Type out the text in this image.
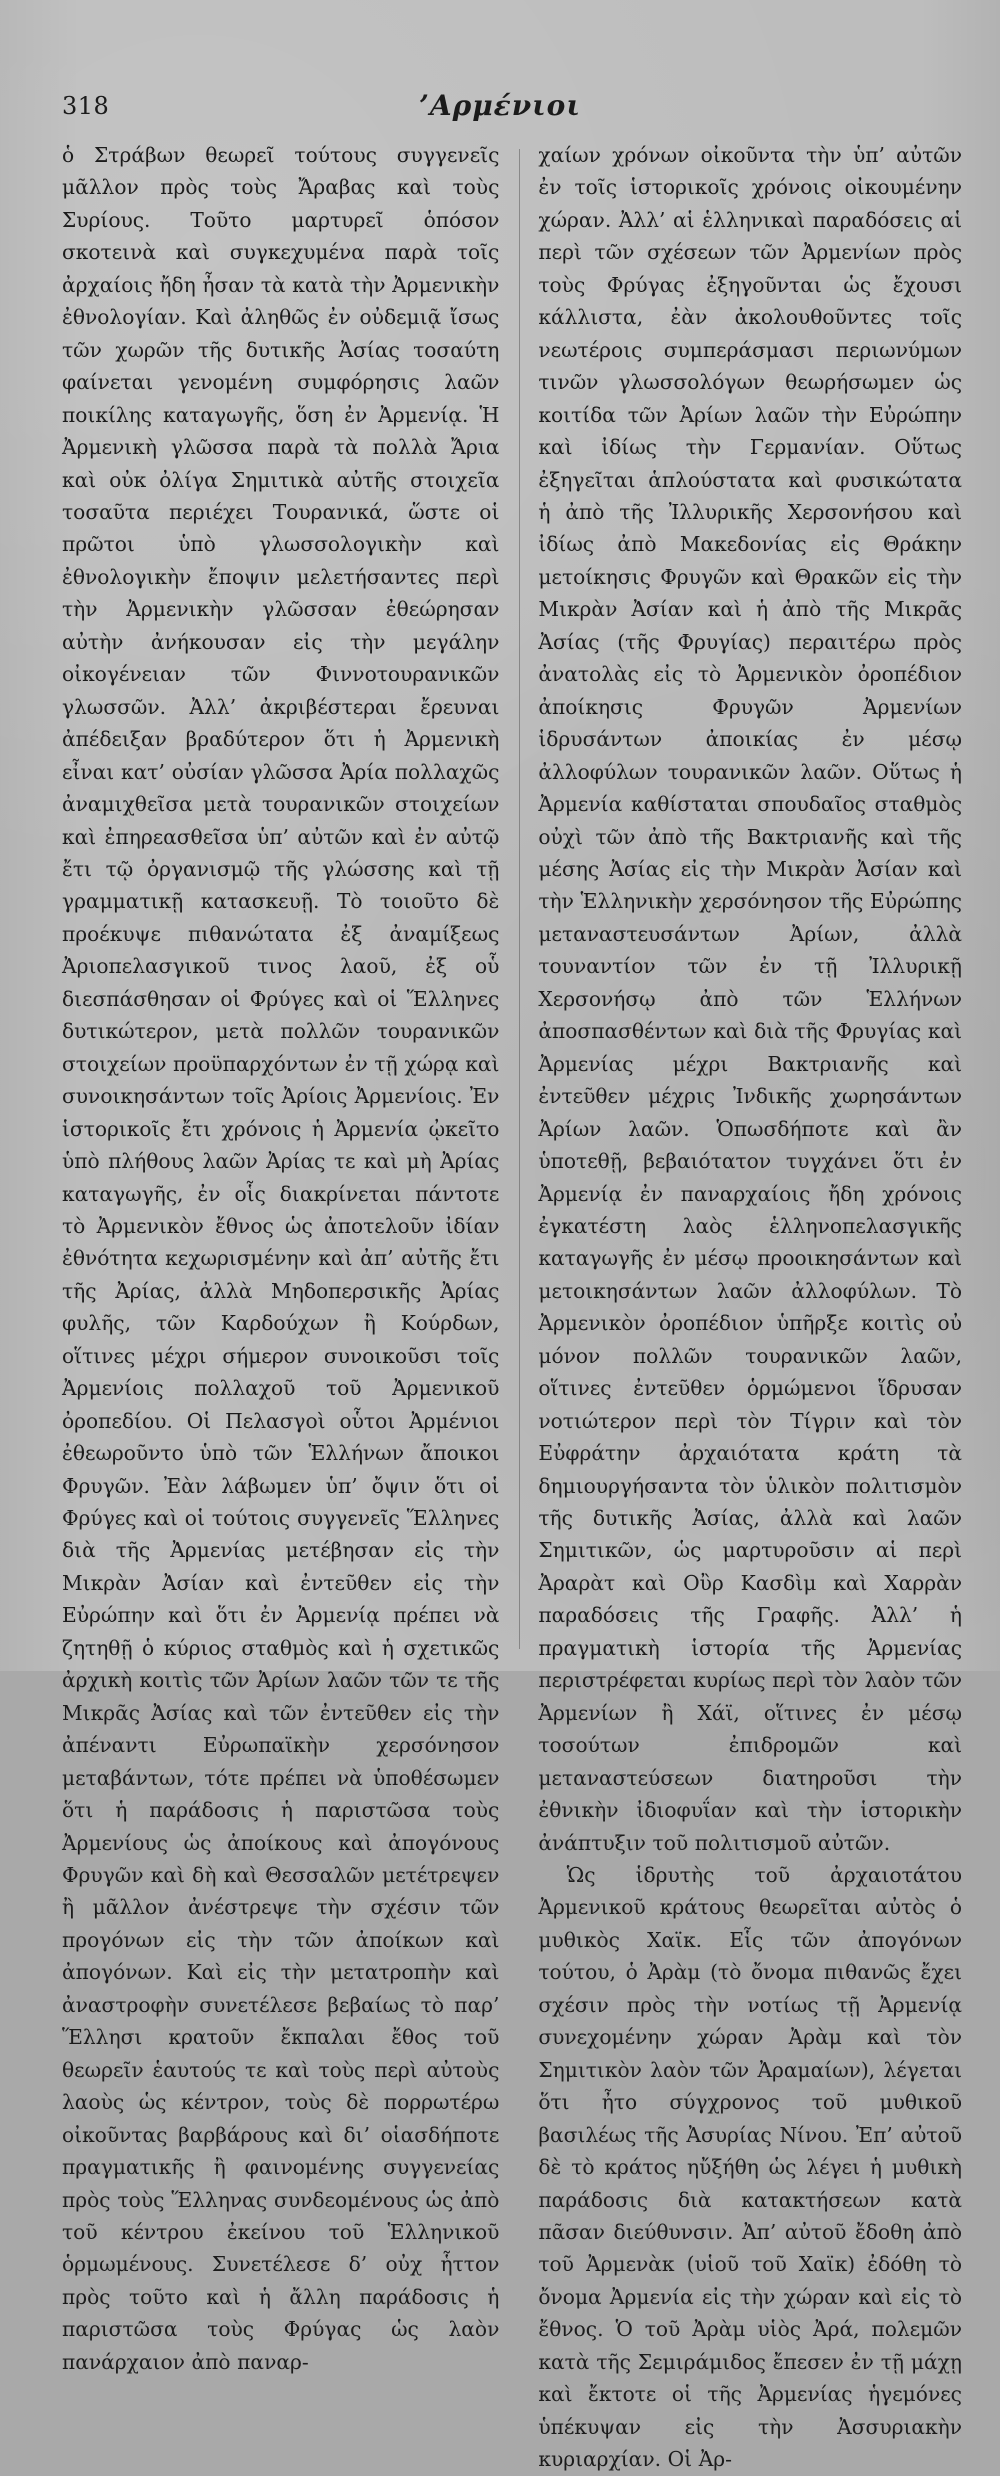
318	’Αρμένιοι
ὁ Στράβων θεωρεῖ τούτους συγγενεῖς μᾶλλον πρὸς τοὺς Ἄραβας καὶ τοὺς Συρίους. Τοῦτο μαρτυρεῖ ὁπόσον σκοτεινὰ καὶ συγκεχυμένα παρὰ τοῖς ἀρχαίοις ἤδη ἦσαν τὰ κατὰ τὴν Ἀρμενικὴν ἐθνολογίαν. Καὶ ἀληθῶς ἐν οὐδεμιᾷ ἴσως τῶν χωρῶν τῆς δυτικῆς Ἀσίας τοσαύτη φαίνεται γενομένη συμφόρησις λαῶν ποικίλης καταγωγῆς, ὅση ἐν Ἀρμενίᾳ. Ἡ Ἀρμενικὴ γλῶσσα παρὰ τὰ πολλὰ Ἄρια καὶ οὐκ ὀλίγα Σημιτικὰ αὐτῆς στοιχεῖα τοσαῦτα περιέχει Τουρανικά, ὥστε οἱ πρῶτοι ὑπὸ γλωσσολογικὴν καὶ ἐθνολογικὴν ἔποψιν μελετήσαντες περὶ τὴν Ἀρμενικὴν γλῶσσαν ἐθεώρησαν αὐτὴν ἀνήκουσαν εἰς τὴν μεγάλην οἰκογένειαν τῶν Φιννοτουρανικῶν γλωσσῶν. Ἀλλ’ ἀκριβέστεραι ἔρευναι ἀπέδειξαν βραδύτερον ὅτι ἡ Ἀρμενικὴ εἶναι κατ’ οὐσίαν γλῶσσα Ἀρία πολλαχῶς ἀναμιχθεῖσα μετὰ τουρανικῶν στοιχείων καὶ ἐπηρεασθεῖσα ὑπ’ αὐτῶν καὶ ἐν αὐτῷ ἔτι τῷ ὀργανισμῷ τῆς γλώσσης καὶ τῇ γραμματικῇ κατασκευῇ. Τὸ τοιοῦτο δὲ προέκυψε πιθανώτατα ἐξ ἀναμίξεως Ἀριοπελασγικοῦ τινος λαοῦ, ἐξ οὗ διεσπάσθησαν οἱ Φρύγες καὶ οἱ Ἕλληνες δυτικώτερον, μετὰ πολλῶν τουρανικῶν στοιχείων προϋπαρχόντων ἐν τῇ χώρᾳ καὶ συνοικησάντων τοῖς Ἀρίοις Ἀρμενίοις. Ἐν ἱστορικοῖς ἔτι χρόνοις ἡ Ἀρμενία ᾠκεῖτο ὑπὸ πλήθους λαῶν Ἀρίας τε καὶ μὴ Ἀρίας καταγωγῆς, ἐν οἷς διακρίνεται πάντοτε τὸ Ἀρμενικὸν ἔθνος ὡς ἀποτελοῦν ἰδίαν ἐθνότητα κεχωρισμένην καὶ ἀπ’ αὐτῆς ἔτι τῆς Ἀρίας, ἀλλὰ Μηδοπερσικῆς Ἀρίας φυλῆς, τῶν Καρδούχων ἢ Κούρδων, οἵτινες μέχρι σήμερον συνοικοῦσι τοῖς Ἀρμενίοις πολλαχοῦ τοῦ Ἀρμενικοῦ ὀροπεδίου. Οἱ Πελασγοὶ οὗτοι Ἀρμένιοι ἐθεωροῦντο ὑπὸ τῶν Ἑλλήνων ἄποικοι Φρυγῶν. Ἐὰν λάβωμεν ὑπ’ ὄψιν ὅτι οἱ Φρύγες καὶ οἱ τούτοις συγγενεῖς Ἕλληνες διὰ τῆς Ἀρμενίας μετέβησαν εἰς τὴν Μικρὰν Ἀσίαν καὶ ἐντεῦθεν εἰς τὴν Εὐρώπην καὶ ὅτι ἐν Ἀρμενίᾳ πρέπει νὰ ζητηθῇ ὁ κύριος σταθμὸς καὶ ἡ σχετικῶς ἀρχικὴ κοιτὶς τῶν Ἀρίων λαῶν τῶν τε τῆς Μικρᾶς Ἀσίας καὶ τῶν ἐντεῦθεν εἰς τὴν ἀπέναντι Εὐρωπαϊκὴν χερσόνησον μεταβάντων, τότε πρέπει νὰ ὑποθέσωμεν ὅτι ἡ παράδοσις ἡ παριστῶσα τοὺς Ἀρμενίους ὡς ἀποίκους καὶ ἀπογόνους Φρυγῶν καὶ δὴ καὶ Θεσσαλῶν μετέτρεψεν ἢ μᾶλλον ἀνέστρεψε τὴν σχέσιν τῶν προγόνων εἰς τὴν τῶν ἀποίκων καὶ ἀπογόνων. Καὶ εἰς τὴν μετατροπὴν καὶ ἀναστροφὴν συνετέλεσε βεβαίως τὸ παρ’ Ἕλλησι κρατοῦν ἔκπαλαι ἔθος τοῦ θεωρεῖν ἑαυτούς τε καὶ τοὺς περὶ αὐτοὺς λαοὺς ὡς κέντρον, τοὺς δὲ πορρωτέρω οἰκοῦντας βαρβάρους καὶ δι’ οἱασδήποτε πραγματικῆς ἢ φαινομένης συγγενείας πρὸς τοὺς Ἕλληνας συνδεομένους ὡς ἀπὸ τοῦ κέντρου ἐκείνου τοῦ Ἑλληνικοῦ ὁρμωμένους. Συνετέλεσε δ’ οὐχ ἧττον πρὸς τοῦτο καὶ ἡ ἄλλη παράδοσις ἡ παριστῶσα τοὺς Φρύγας ὡς λαὸν πανάρχαιον ἀπὸ παναρ-
χαίων χρόνων οἰκοῦντα τὴν ὑπ’ αὐτῶν ἐν τοῖς ἱστορικοῖς χρόνοις οἰκουμένην χώραν. Ἀλλ’ αἱ ἑλληνικαὶ παραδόσεις αἱ περὶ τῶν σχέσεων τῶν Ἀρμενίων πρὸς τοὺς Φρύγας ἐξηγοῦνται ὡς ἔχουσι κάλλιστα, ἐὰν ἀκολουθοῦντες τοῖς νεωτέροις συμπεράσμασι περιωνύμων τινῶν γλωσσολόγων θεωρήσωμεν ὡς κοιτίδα τῶν Ἀρίων λαῶν τὴν Εὐρώπην καὶ ἰδίως τὴν Γερμανίαν. Οὕτως ἐξηγεῖται ἁπλούστατα καὶ φυσικώτατα ἡ ἀπὸ τῆς Ἰλλυρικῆς Χερσονήσου καὶ ἰδίως ἀπὸ Μακεδονίας εἰς Θράκην μετοίκησις Φρυγῶν καὶ Θρακῶν εἰς τὴν Μικρὰν Ἀσίαν καὶ ἡ ἀπὸ τῆς Μικρᾶς Ἀσίας (τῆς Φρυγίας) περαιτέρω πρὸς ἀνατολὰς εἰς τὸ Ἀρμενικὸν ὀροπέδιον ἀποίκησις Φρυγῶν Ἀρμενίων ἱδρυσάντων ἀποικίας ἐν μέσῳ ἀλλοφύλων τουρανικῶν λαῶν. Οὕτως ἡ Ἀρμενία καθίσταται σπουδαῖος σταθμὸς οὐχὶ τῶν ἀπὸ τῆς Βακτριανῆς καὶ τῆς μέσης Ἀσίας εἰς τὴν Μικρὰν Ἀσίαν καὶ τὴν Ἑλληνικὴν χερσόνησον τῆς Εὐρώπης μεταναστευσάντων Ἀρίων, ἀλλὰ τουναντίον τῶν ἐν τῇ Ἰλλυρικῇ Χερσονήσῳ ἀπὸ τῶν Ἑλλήνων ἀποσπασθέντων καὶ διὰ τῆς Φρυγίας καὶ Ἀρμενίας μέχρι Βακτριανῆς καὶ ἐντεῦθεν μέχρις Ἰνδικῆς χωρησάντων Ἀρίων λαῶν. Ὁπωσδήποτε καὶ ἂν ὑποτεθῇ, βεβαιότατον τυγχάνει ὅτι ἐν Ἀρμενίᾳ ἐν παναρχαίοις ἤδη χρόνοις ἐγκατέστη λαὸς ἑλληνοπελασγικῆς καταγωγῆς ἐν μέσῳ προοικησάντων καὶ μετοικησάντων λαῶν ἀλλοφύλων. Τὸ Ἀρμενικὸν ὀροπέδιον ὑπῆρξε κοιτὶς οὐ μόνον πολλῶν τουρανικῶν λαῶν, οἵτινες ἐντεῦθεν ὁρμώμενοι ἵδρυσαν νοτιώτερον περὶ τὸν Τίγριν καὶ τὸν Εὐφράτην ἀρχαιότατα κράτη τὰ δημιουργήσαντα τὸν ὑλικὸν πολιτισμὸν τῆς δυτικῆς Ἀσίας, ἀλλὰ καὶ λαῶν Σημιτικῶν, ὡς μαρτυροῦσιν αἱ περὶ Ἀραρὰτ καὶ Οὒρ Κασδὶμ καὶ Χαρρὰν παραδόσεις τῆς Γραφῆς. Ἀλλ’ ἡ πραγματικὴ ἱστορία τῆς Ἀρμενίας περιστρέφεται κυρίως περὶ τὸν λαὸν τῶν Ἀρμενίων ἢ Χάϊ, οἵτινες ἐν μέσῳ τοσούτων ἐπιδρομῶν καὶ μεταναστεύσεων διατηροῦσι τὴν ἐθνικὴν ἰδιοφυΐαν καὶ τὴν ἱστορικὴν ἀνάπτυξιν τοῦ πολιτισμοῦ αὐτῶν.
Ὡς ἱδρυτὴς τοῦ ἀρχαιοτάτου Ἀρμενικοῦ κράτους θεωρεῖται αὐτὸς ὁ μυθικὸς Χαϊκ. Εἷς τῶν ἀπογόνων τούτου, ὁ Ἀρὰμ (τὸ ὄνομα πιθανῶς ἔχει σχέσιν πρὸς τὴν νοτίως τῇ Ἀρμενίᾳ συνεχομένην χώραν Ἀρὰμ καὶ τὸν Σημιτικὸν λαὸν τῶν Ἀραμαίων), λέγεται ὅτι ἦτο σύγχρονος τοῦ μυθικοῦ βασιλέως τῆς Ἀσυρίας Νίνου. Ἐπ’ αὐτοῦ δὲ τὸ κράτος ηὔξήθη ὡς λέγει ἡ μυθικὴ παράδοσις διὰ κατακτήσεων κατὰ πᾶσαν διεύθυνσιν. Ἀπ’ αὐτοῦ ἔδοθη ἀπὸ τοῦ Ἀρμενὰκ (υἱοῦ τοῦ Χαϊκ) ἐδόθη τὸ ὄνομα Ἀρμενία εἰς τὴν χώραν καὶ εἰς τὸ ἔθνος. Ὁ τοῦ Ἀρὰμ υἱὸς Ἀρά, πολεμῶν κατὰ τῆς Σεμιράμιδος ἔπεσεν ἐν τῇ μάχῃ καὶ ἔκτοτε οἱ τῆς Ἀρμενίας ἡγεμόνες ὑπέκυψαν εἰς τὴν Ἀσσυριακὴν κυριαρχίαν. Οἱ Ἀρ-
